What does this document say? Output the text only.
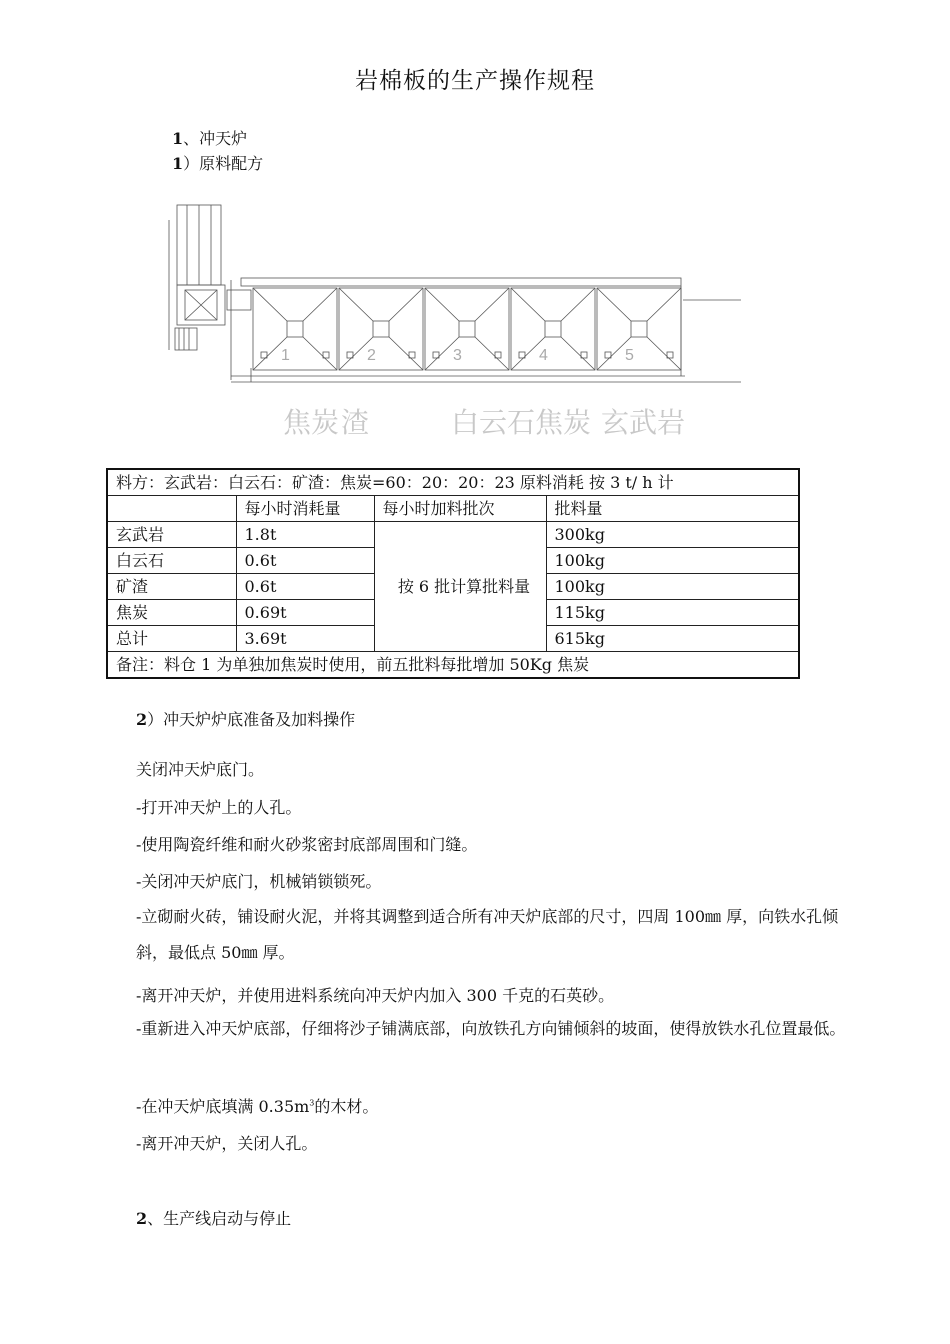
岩棉板的生产操作规程
1、冲天炉
1）原料配方
1	2	3	4	5
焦炭 渣	白云石 焦炭 玄武岩
料方：玄武岩：白云石：矿渣：焦炭=60：20：20：23 原料消耗 按 3 t/ h 计			
	每小时消耗量	每小时加料批次	批料量
玄武岩	1.8t	按 6 批计算批料量	300kg
白云石	0.6t		100kg
矿渣	0.6t		100kg
焦炭	0.69t		115kg
总计	3.69t		615kg
备注：料仓 1 为单独加焦炭时使用，前五批料每批增加 50Kg 焦炭			
2）冲天炉炉底准备及加料操作
关闭冲天炉底门。
-打开冲天炉上的人孔。
-使用陶瓷纤维和耐火砂浆密封底部周围和门缝。
-关闭冲天炉底门，机械销锁锁死。
-立砌耐火砖，铺设耐火泥，并将其调整到适合所有冲天炉底部的尺寸，四周 100㎜ 厚，向铁水孔倾斜，最低点 50㎜ 厚。
-离开冲天炉，并使用进料系统向冲天炉内加入 300 千克的石英砂。
-重新进入冲天炉底部，仔细将沙子铺满底部，向放铁孔方向铺倾斜的坡面，使得放铁水孔位置最低。
-在冲天炉底填满 $0.35m^3$的木材。
-离开冲天炉，关闭人孔。
2、生产线启动与停止
